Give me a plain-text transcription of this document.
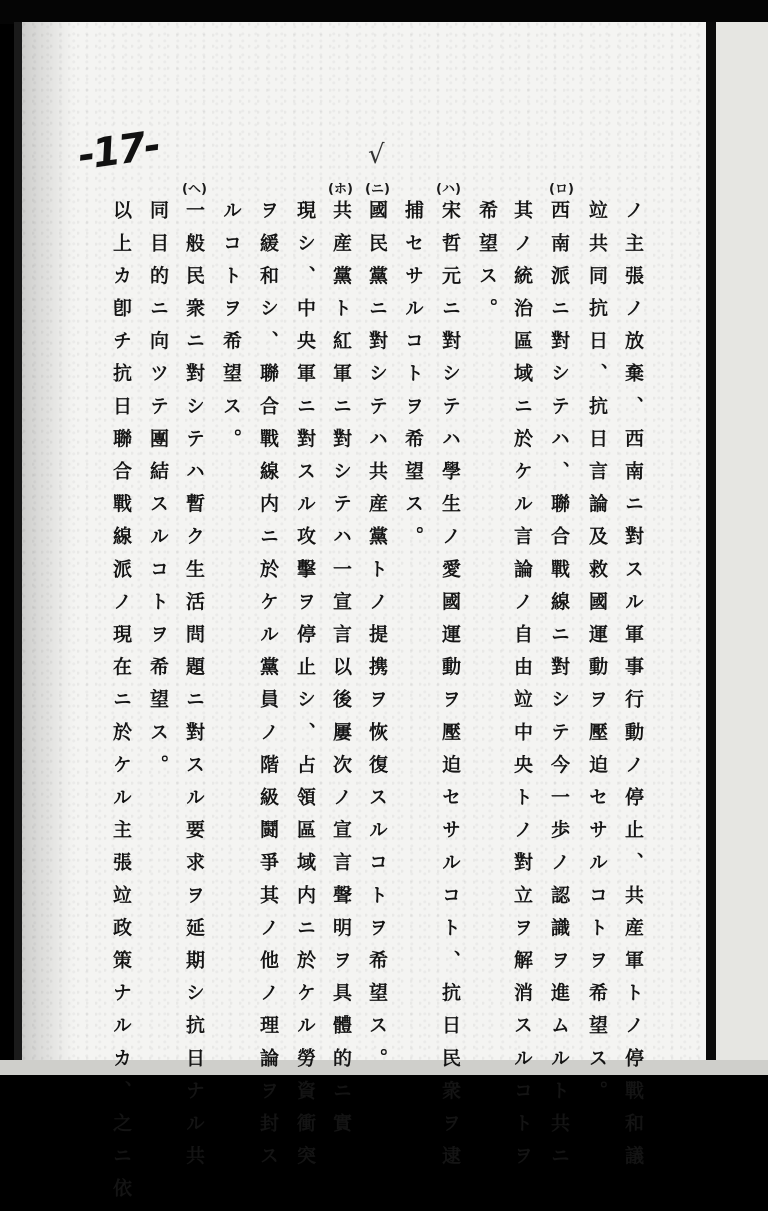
-17-	√
(ロ)
(ハ)
(ニ)
(ホ)
(ヘ)
ノ主張ノ放棄、西南ニ對スル軍事行動ノ停止、共産軍トノ停戰和議
竝共同抗日、抗日言論及救國運動ヲ壓迫セサルコトヲ希望ス。
西南派ニ對シテハ、聯合戰線ニ對シテ今一歩ノ認識ヲ進ムルト共ニ
其ノ統治區域ニ於ケル言論ノ自由竝中央トノ對立ヲ解消スルコトヲ
希望ス。
宋哲元ニ對シテハ學生ノ愛國運動ヲ壓迫セサルコト、抗日民衆ヲ逮
捕セサルコトヲ希望ス。
國民黨ニ對シテハ共産黨トノ提携ヲ恢復スルコトヲ希望ス。
共産黨ト紅軍ニ對シテハ一宣言以後屢次ノ宣言聲明ヲ具體的ニ實
現シ、中央軍ニ對スル攻擊ヲ停止シ、占領區域内ニ於ケル勞資衝突
ヲ緩和シ、聯合戰線内ニ於ケル黨員ノ階級鬪爭其ノ他ノ理論ヲ封ス
ルコトヲ希望ス。
一般民衆ニ對シテハ暫ク生活問題ニ對スル要求ヲ延期シ抗日ナル共
同目的ニ向ツテ團結スルコトヲ希望ス。
以上カ卽チ抗日聯合戰線派ノ現在ニ於ケル主張竝政策ナルカ、之ニ依
